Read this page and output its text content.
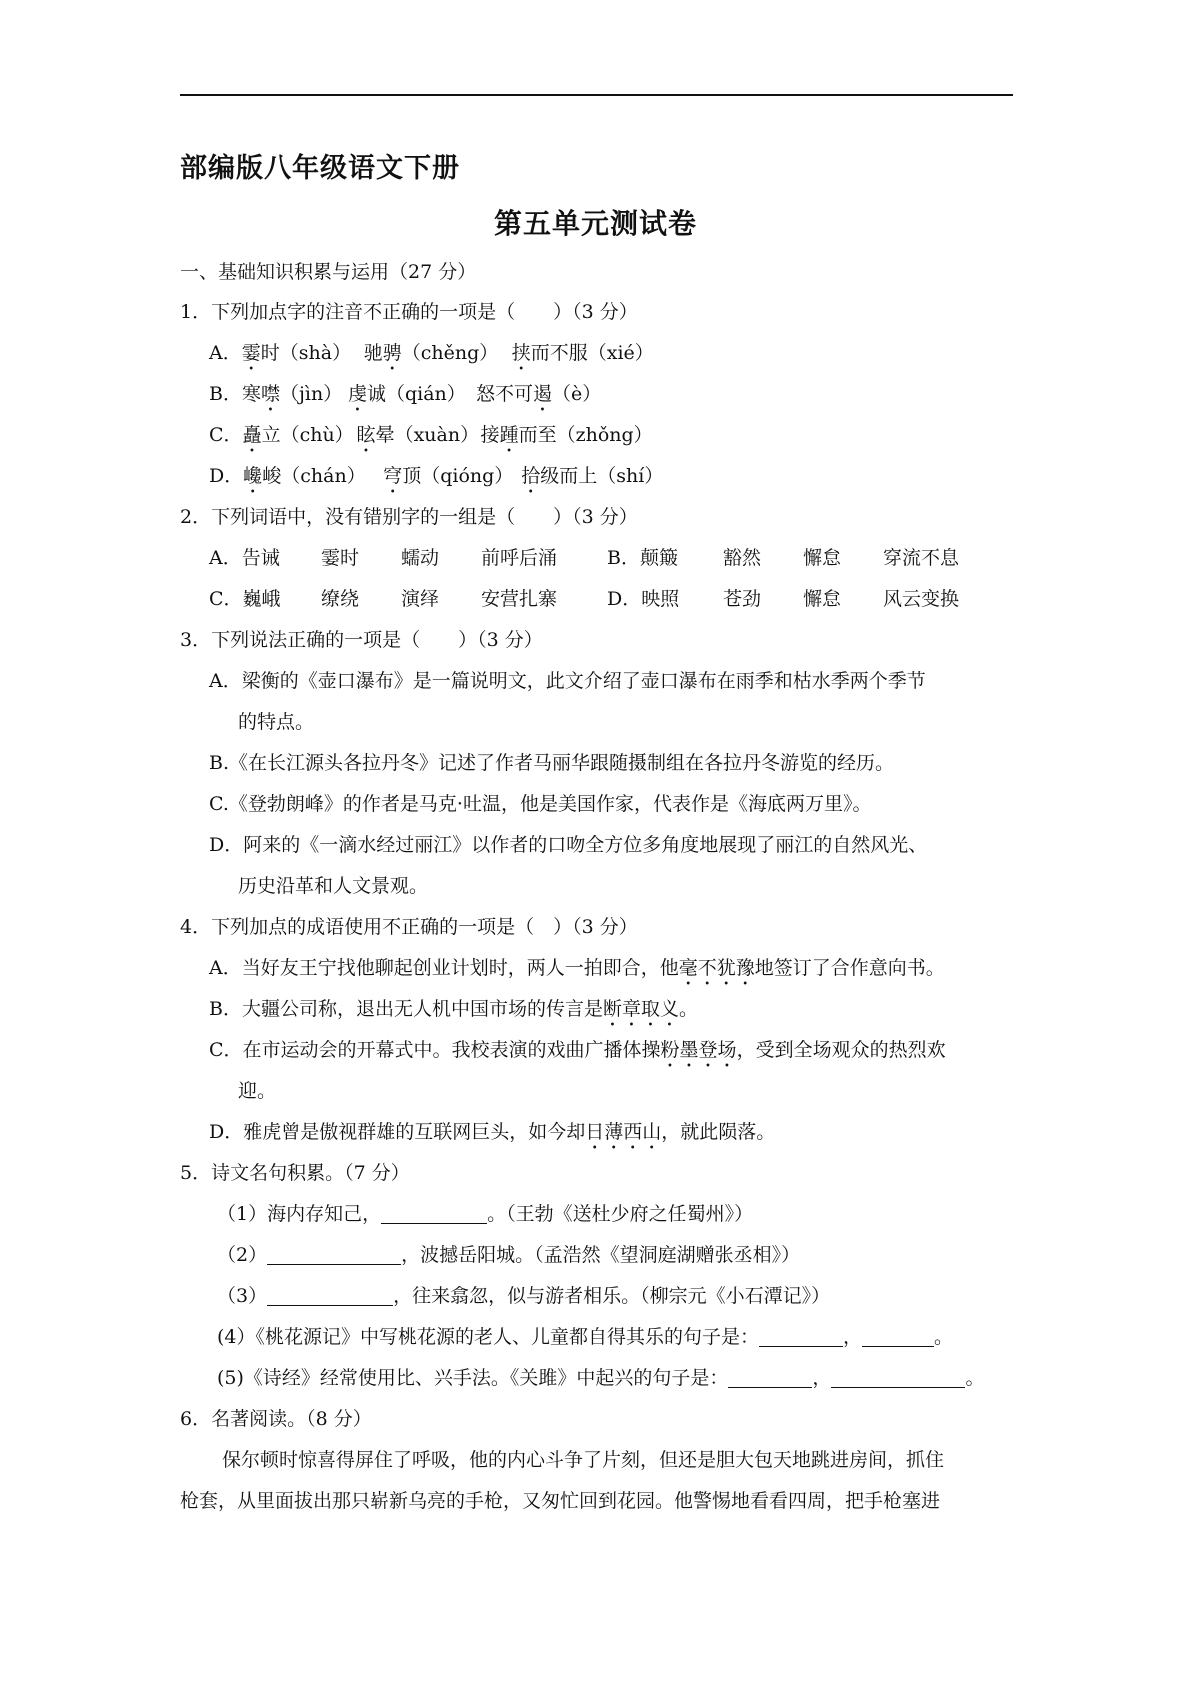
部编版八年级语文下册
第五单元测试卷
一、基础知识积累与运用（27 分）
1．下列加点字的注音不正确的一项是（　　）（3 分）
A．霎时（shà） 驰骋（chěng） 挟而不服（xié）
B．寒噤（jìn） 虔诚（qián） 怒不可遏（è）
C．矗立（chù） 眩晕（xuàn）接踵而至（zhǒng）
D．巉峻（chán） 穹顶（qióng） 拾级而上（shí）
2．下列词语中，没有错别字的一组是（　　）（3 分）
A．告诫 霎时 蠕动 前呼后涌	B．颠簸 豁然 懈怠 穿流不息
C．巍峨 缭绕 演绎 安营扎寨	D．映照 苍劲 懈怠 风云变换
3．下列说法正确的一项是（　　）（3 分）
A．梁衡的《壶口瀑布》是一篇说明文，此文介绍了壶口瀑布在雨季和枯水季两个季节
的特点。
B.《在长江源头各拉丹冬》记述了作者马丽华跟随摄制组在各拉丹冬游览的经历。
C.《登勃朗峰》的作者是马克·吐温，他是美国作家，代表作是《海底两万里》。
D．阿来的《一滴水经过丽江》以作者的口吻全方位多角度地展现了丽江的自然风光、
历史沿革和人文景观。
4．下列加点的成语使用不正确的一项是（　）（3 分）
A．当好友王宁找他聊起创业计划时，两人一拍即合，他毫不犹豫地签订了合作意向书。
B．大疆公司称，退出无人机中国市场的传言是断章取义。
C．在市运动会的开幕式中。我校表演的戏曲广播体操粉墨登场，受到全场观众的热烈欢
迎。
D．雅虎曾是傲视群雄的互联网巨头，如今却日薄西山，就此陨落。
5．诗文名句积累。（7 分）
（1）海内存知己，	。（王勃《送杜少府之任蜀州》）
（2）	，波撼岳阳城。（孟浩然《望洞庭湖赠张丞相》）
（3）	，往来翕忽，似与游者相乐。（柳宗元《小石潭记》）
(4）《桃花源记》中写桃花源的老人、儿童都自得其乐的句子是：	，	。
(5)《诗经》经常使用比、兴手法。《关雎》中起兴的句子是：	，	。
6．名著阅读。（8 分）
保尔顿时惊喜得屏住了呼吸，他的内心斗争了片刻，但还是胆大包天地跳进房间，抓住
枪套，从里面拔出那只崭新乌亮的手枪，又匆忙回到花园。他警惕地看看四周，把手枪塞进
